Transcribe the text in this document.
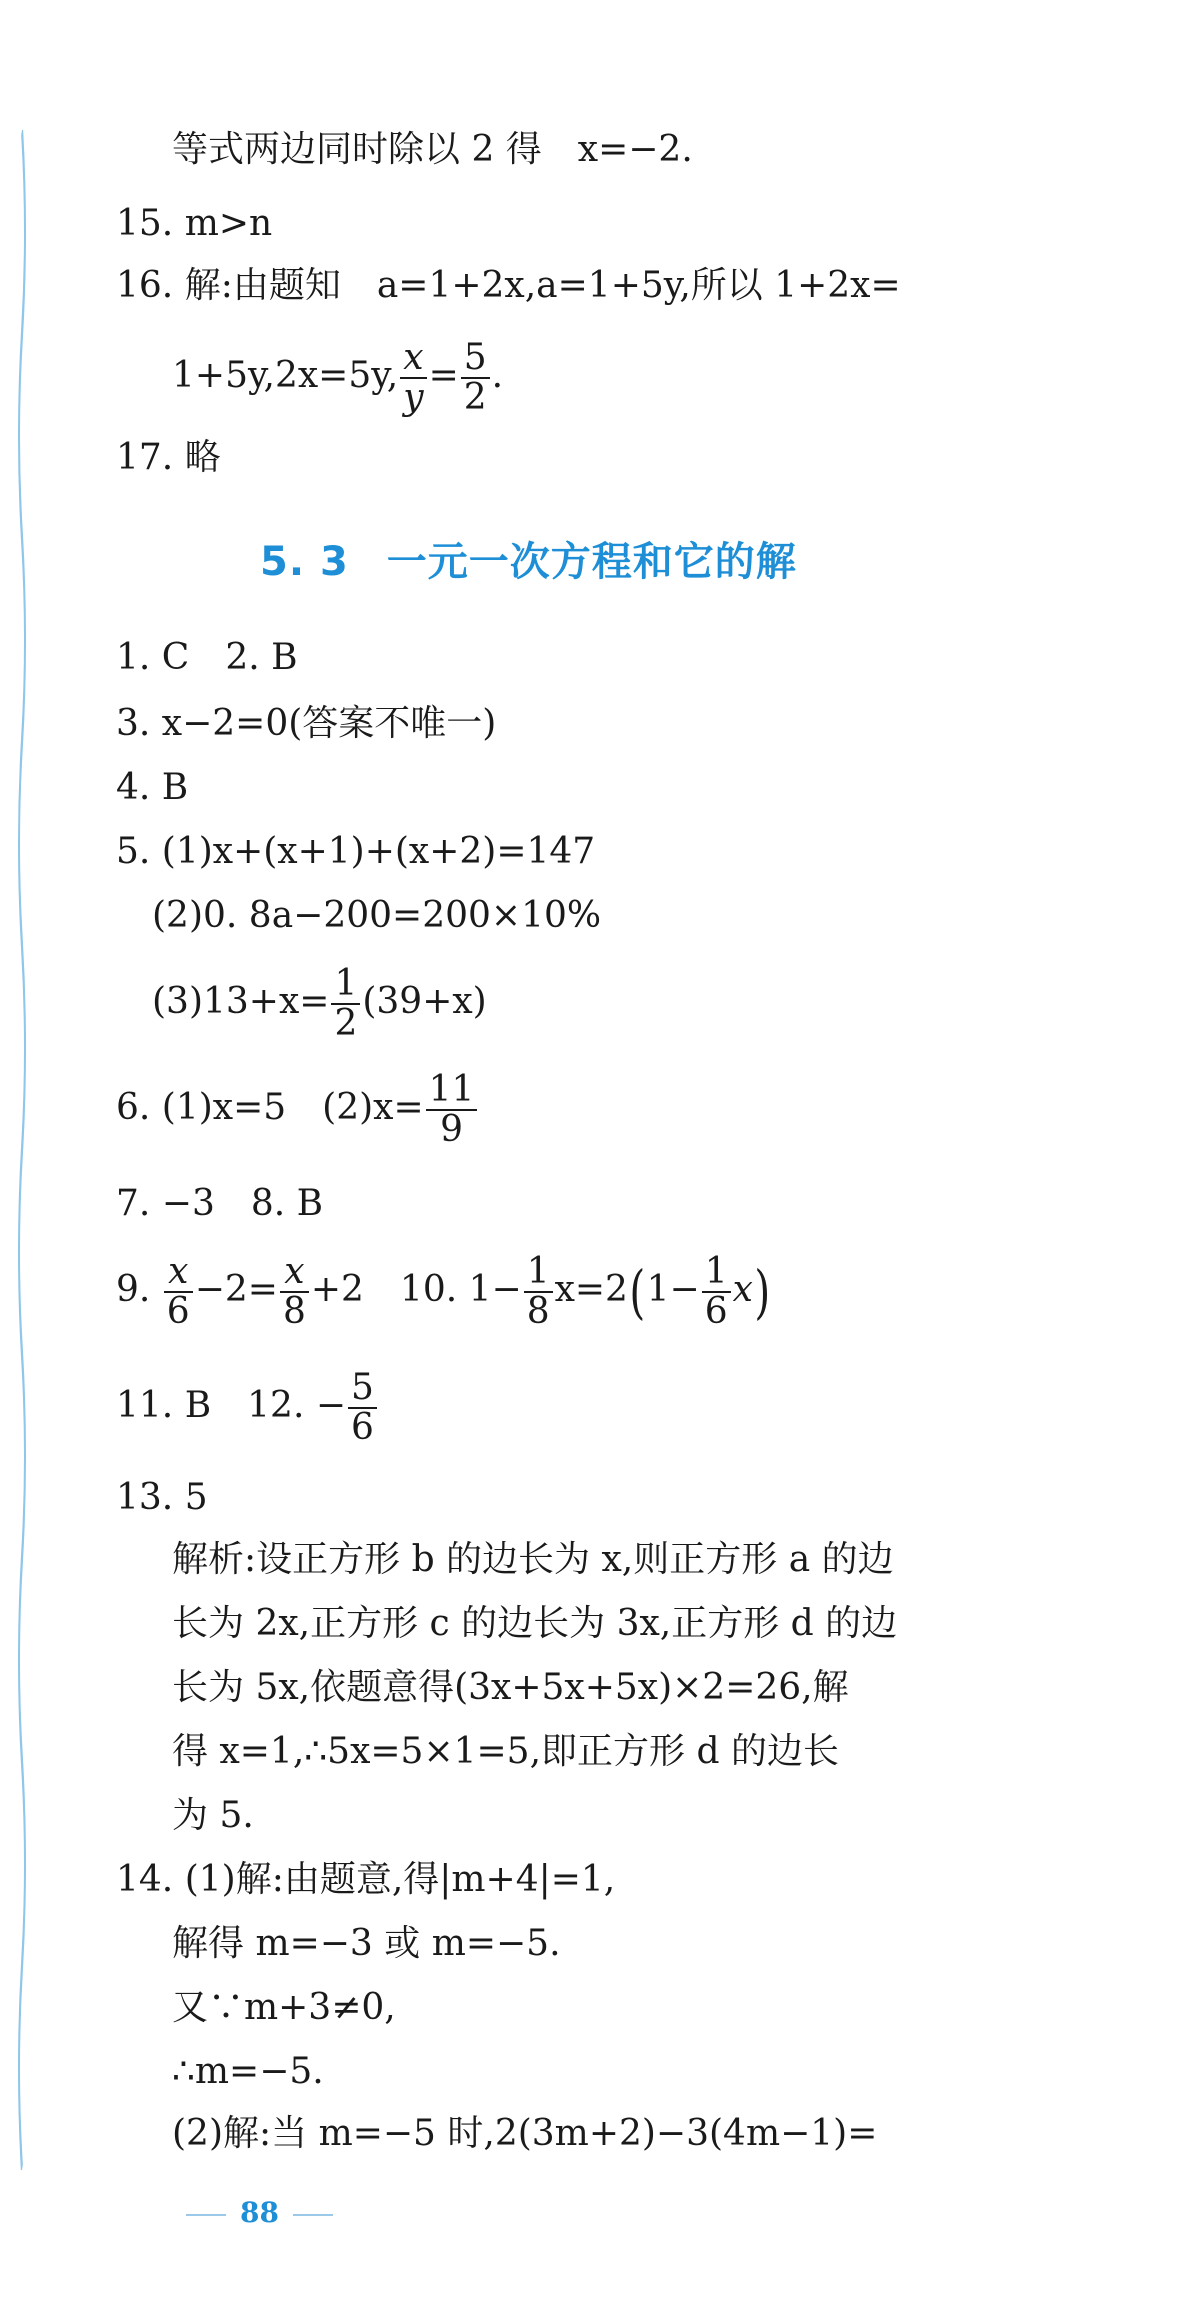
等式两边同时除以 2 得　x=−2.
15. m>n
16. 解:由题知　a=1+2x,a=1+5y,所以 1+2x=
1+5y,2x=5y, $\frac{x}{y} = \frac{5}{2}$ .
17. 略
5. 3 一元一次方程和它的解
1. C　2. B
3. x−2=0(答案不唯一)
4. B
5. (1)x+(x+1)+(x+2)=147
(2)0. 8a−200=200×10%
$(3)13+x= \frac{1}{2} (39+x)$
6. (1)x=5　$(2)x= \frac{11}{9}$
7. −3　8. B
9. $\frac{x}{6} -2= \frac{x}{8} +2$　10. $1- \frac{1}{8} x=2(1- \frac{1}{6} x)$
11. B　12. − $\frac{5}{6}$
13. 5
解析:设正方形 b 的边长为 x,则正方形 a 的边
长为 2x,正方形 c 的边长为 3x,正方形 d 的边
长为 5x,依题意得(3x+5x+5x)×2=26,解
得 x=1,∴5x=5×1=5,即正方形 d 的边长
为 5.
14. (1)解:由题意,得|m+4|=1,
解得 m=−3 或 m=−5.
又∵m+3≠0,
∴m=−5.
(2)解:当 m=−5 时,2(3m+2)−3(4m−1)=
88
